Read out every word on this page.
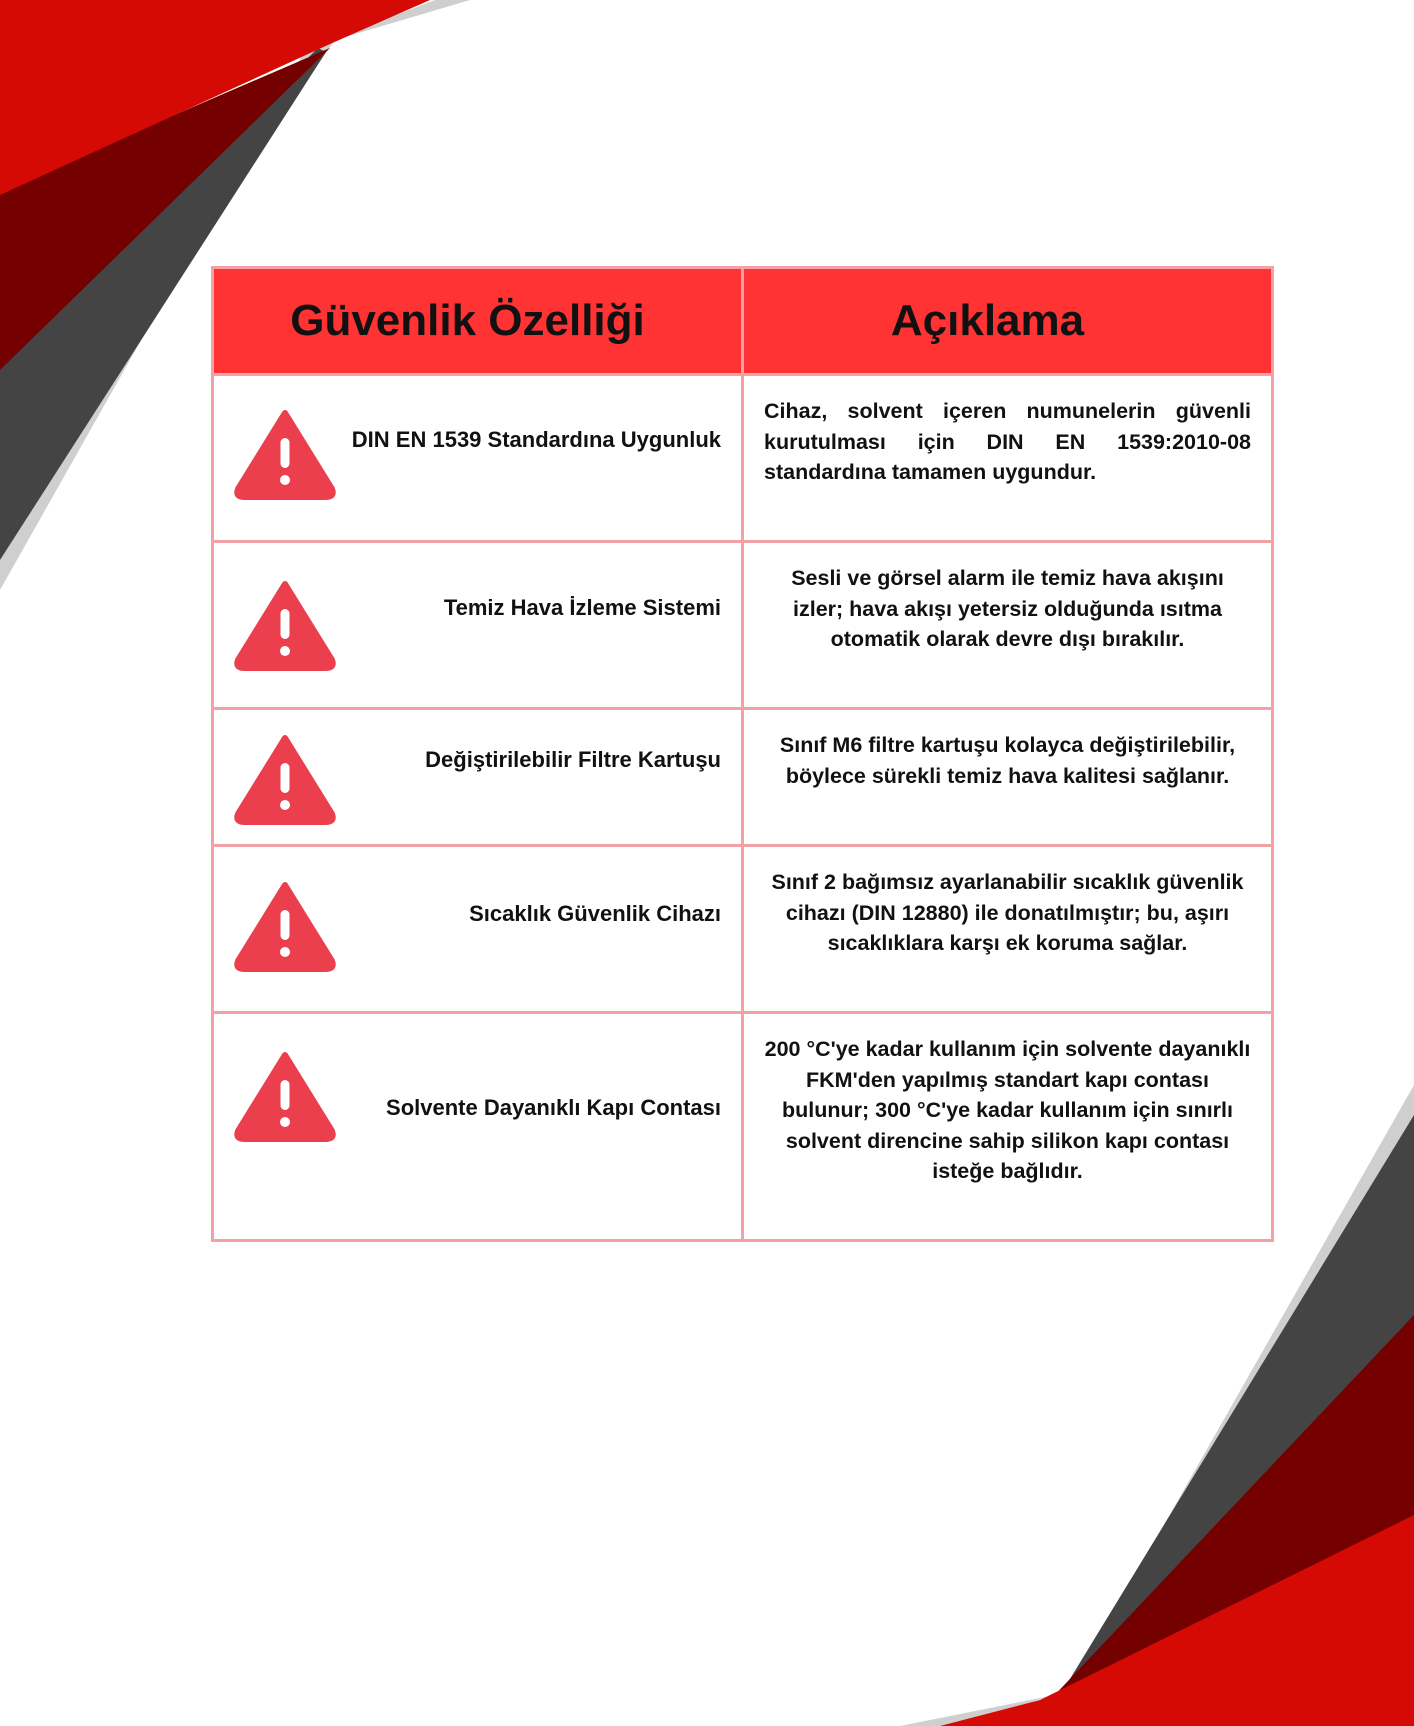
Güvenlik Özelliği	Açıklama

DIN EN 1539 Standardına Uygunluk	Cihaz, solvent içeren numunelerin güvenli kurutulması için DIN EN 1539:2010-08 standardına tamamen uygundur.

Temiz Hava İzleme Sistemi	Sesli ve görsel alarm ile temiz hava akışını izler; hava akışı yetersiz olduğunda ısıtma otomatik olarak devre dışı bırakılır.

Değiştirilebilir Filtre Kartuşu	Sınıf M6 filtre kartuşu kolayca değiştirilebilir, böylece sürekli temiz hava kalitesi sağlanır.

Sıcaklık Güvenlik Cihazı	Sınıf 2 bağımsız ayarlanabilir sıcaklık güvenlik cihazı (DIN 12880) ile donatılmıştır; bu, aşırı sıcaklıklara karşı ek koruma sağlar.

Solvente Dayanıklı Kapı Contası	200 °C'ye kadar kullanım için solvente dayanıklı FKM'den yapılmış standart kapı contası bulunur; 300 °C'ye kadar kullanım için sınırlı solvent direncine sahip silikon kapı contası isteğe bağlıdır.
